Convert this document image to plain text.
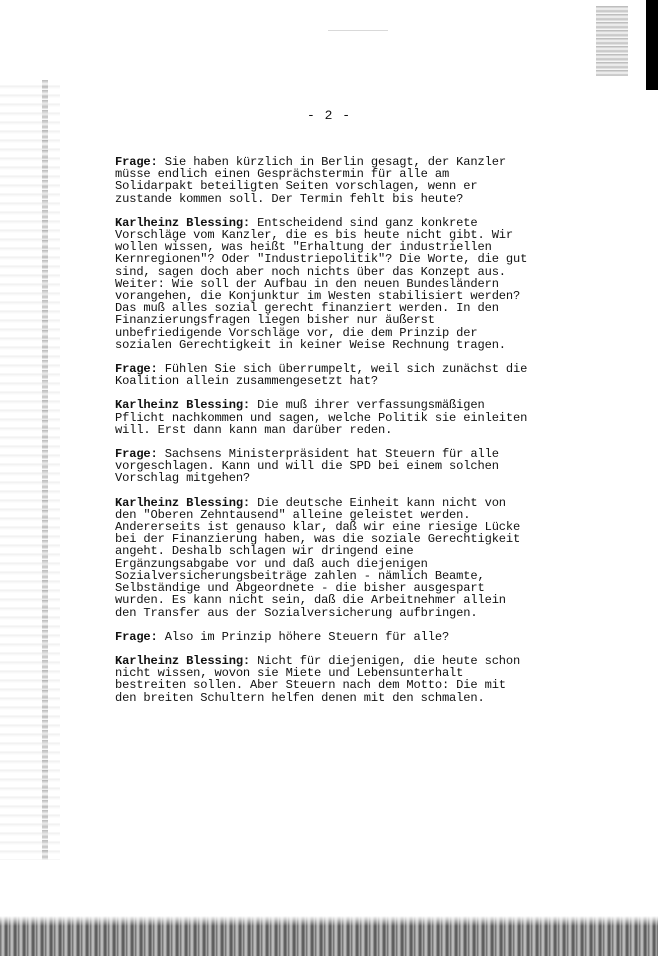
- 2 -
Frage: Sie haben kürzlich in Berlin gesagt, der Kanzler
müsse endlich einen Gesprächstermin für alle am
Solidarpakt beteiligten Seiten vorschlagen, wenn er
zustande kommen soll. Der Termin fehlt bis heute?
Karlheinz Blessing: Entscheidend sind ganz konkrete
Vorschläge vom Kanzler, die es bis heute nicht gibt. Wir
wollen wissen, was heißt "Erhaltung der industriellen
Kernregionen"? Oder "Industriepolitik"? Die Worte, die gut
sind, sagen doch aber noch nichts über das Konzept aus.
Weiter: Wie soll der Aufbau in den neuen Bundesländern
vorangehen, die Konjunktur im Westen stabilisiert werden?
Das muß alles sozial gerecht finanziert werden. In den
Finanzierungsfragen liegen bisher nur äußerst
unbefriedigende Vorschläge vor, die dem Prinzip der
sozialen Gerechtigkeit in keiner Weise Rechnung tragen.
Frage: Fühlen Sie sich überrumpelt, weil sich zunächst die
Koalition allein zusammengesetzt hat?
Karlheinz Blessing: Die muß ihrer verfassungsmäßigen
Pflicht nachkommen und sagen, welche Politik sie einleiten
will. Erst dann kann man darüber reden.
Frage: Sachsens Ministerpräsident hat Steuern für alle
vorgeschlagen. Kann und will die SPD bei einem solchen
Vorschlag mitgehen?
Karlheinz Blessing: Die deutsche Einheit kann nicht von
den "Oberen Zehntausend" alleine geleistet werden.
Andererseits ist genauso klar, daß wir eine riesige Lücke
bei der Finanzierung haben, was die soziale Gerechtigkeit
angeht. Deshalb schlagen wir dringend eine
Ergänzungsabgabe vor und daß auch diejenigen
Sozialversicherungsbeiträge zahlen - nämlich Beamte,
Selbständige und Abgeordnete - die bisher ausgespart
wurden. Es kann nicht sein, daß die Arbeitnehmer allein
den Transfer aus der Sozialversicherung aufbringen.
Frage: Also im Prinzip höhere Steuern für alle?
Karlheinz Blessing: Nicht für diejenigen, die heute schon
nicht wissen, wovon sie Miete und Lebensunterhalt
bestreiten sollen. Aber Steuern nach dem Motto: Die mit
den breiten Schultern helfen denen mit den schmalen.
